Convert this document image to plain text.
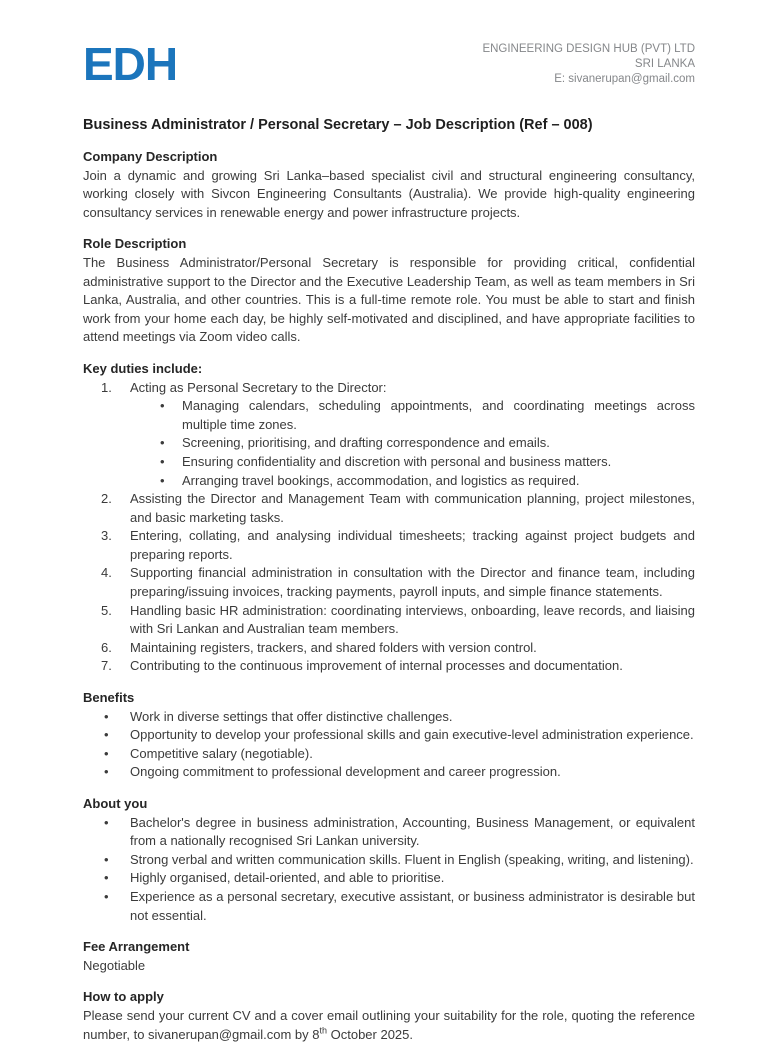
EDH	ENGINEERING DESIGN HUB (PVT) LTD
SRI LANKA
E: sivanerupan@gmail.com
Business Administrator / Personal Secretary – Job Description (Ref – 008)
Company Description
Join a dynamic and growing Sri Lanka–based specialist civil and structural engineering consultancy, working closely with Sivcon Engineering Consultants (Australia). We provide high-quality engineering consultancy services in renewable energy and power infrastructure projects.
Role Description
The Business Administrator/Personal Secretary is responsible for providing critical, confidential administrative support to the Director and the Executive Leadership Team, as well as team members in Sri Lanka, Australia, and other countries. This is a full-time remote role. You must be able to start and finish work from your home each day, be highly self-motivated and disciplined, and have appropriate facilities to attend meetings via Zoom video calls.
Key duties include:
1.	Acting as Personal Secretary to the Director:
•	Managing calendars, scheduling appointments, and coordinating meetings across multiple time zones.
•	Screening, prioritising, and drafting correspondence and emails.
•	Ensuring confidentiality and discretion with personal and business matters.
•	Arranging travel bookings, accommodation, and logistics as required.
2.	Assisting the Director and Management Team with communication planning, project milestones, and basic marketing tasks.
3.	Entering, collating, and analysing individual timesheets; tracking against project budgets and preparing reports.
4.	Supporting financial administration in consultation with the Director and finance team, including preparing/issuing invoices, tracking payments, payroll inputs, and simple finance statements.
5.	Handling basic HR administration: coordinating interviews, onboarding, leave records, and liaising with Sri Lankan and Australian team members.
6.	Maintaining registers, trackers, and shared folders with version control.
7.	Contributing to the continuous improvement of internal processes and documentation.
Benefits
•	Work in diverse settings that offer distinctive challenges.
•	Opportunity to develop your professional skills and gain executive-level administration experience.
•	Competitive salary (negotiable).
•	Ongoing commitment to professional development and career progression.
About you
•	Bachelor's degree in business administration, Accounting, Business Management, or equivalent from a nationally recognised Sri Lankan university.
•	Strong verbal and written communication skills. Fluent in English (speaking, writing, and listening).
•	Highly organised, detail-oriented, and able to prioritise.
•	Experience as a personal secretary, executive assistant, or business administrator is desirable but not essential.
Fee Arrangement
Negotiable
How to apply
Please send your current CV and a cover email outlining your suitability for the role, quoting the reference number, to sivanerupan@gmail.com by 8th October 2025.
